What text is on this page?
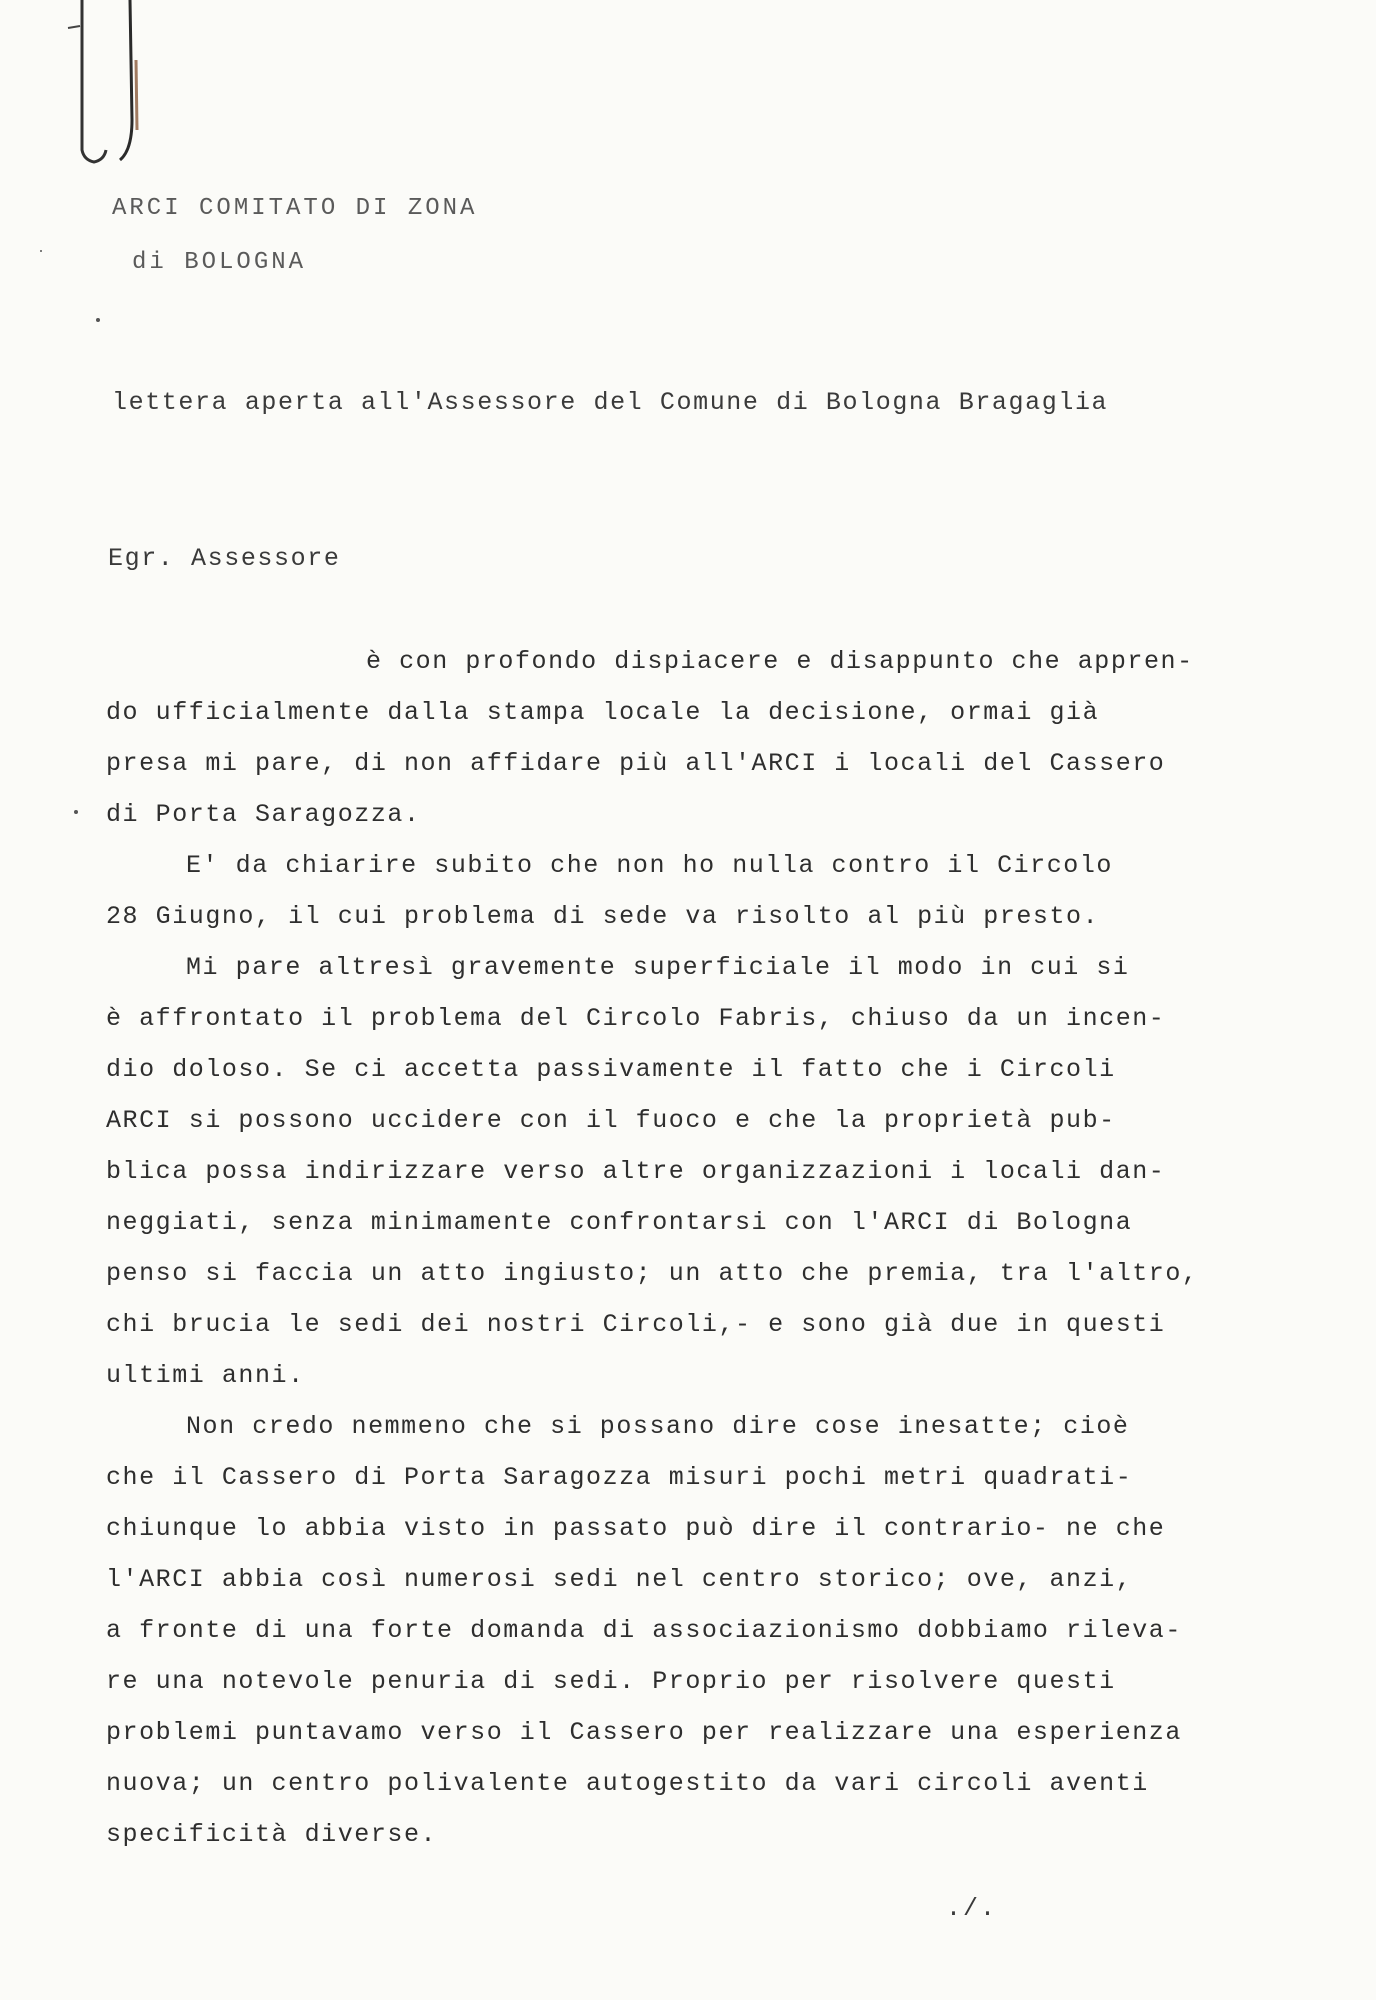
ARCI COMITATO DI ZONA
di BOLOGNA
lettera aperta all'Assessore del Comune di Bologna Bragaglia
Egr. Assessore
è con profondo dispiacere e disappunto che appren-
do ufficialmente dalla stampa locale la decisione, ormai già
presa mi pare, di non affidare più all'ARCI i locali del Cassero
di Porta Saragozza.
E' da chiarire subito che non ho nulla contro il Circolo
28 Giugno, il cui problema di sede va risolto al più presto.
Mi pare altresì gravemente superficiale il modo in cui si
è affrontato il problema del Circolo Fabris, chiuso da un incen-
dio doloso. Se ci accetta passivamente il fatto che i Circoli
ARCI si possono uccidere con il fuoco e che la proprietà pub-
blica possa indirizzare verso altre organizzazioni i locali dan-
neggiati, senza minimamente confrontarsi con l'ARCI di Bologna
penso si faccia un atto ingiusto; un atto che premia, tra l'altro,
chi brucia le sedi dei nostri Circoli,- e sono già due in questi
ultimi anni.
Non credo nemmeno che si possano dire cose inesatte; cioè
che il Cassero di Porta Saragozza misuri pochi metri quadrati-
chiunque lo abbia visto in passato può dire il contrario- ne che
l'ARCI abbia così numerosi sedi nel centro storico; ove, anzi,
a fronte di una forte domanda di associazionismo dobbiamo rileva-
re una notevole penuria di sedi. Proprio per risolvere questi
problemi puntavamo verso il Cassero per realizzare una esperienza
nuova; un centro polivalente autogestito da vari circoli aventi
specificità diverse.
./.
